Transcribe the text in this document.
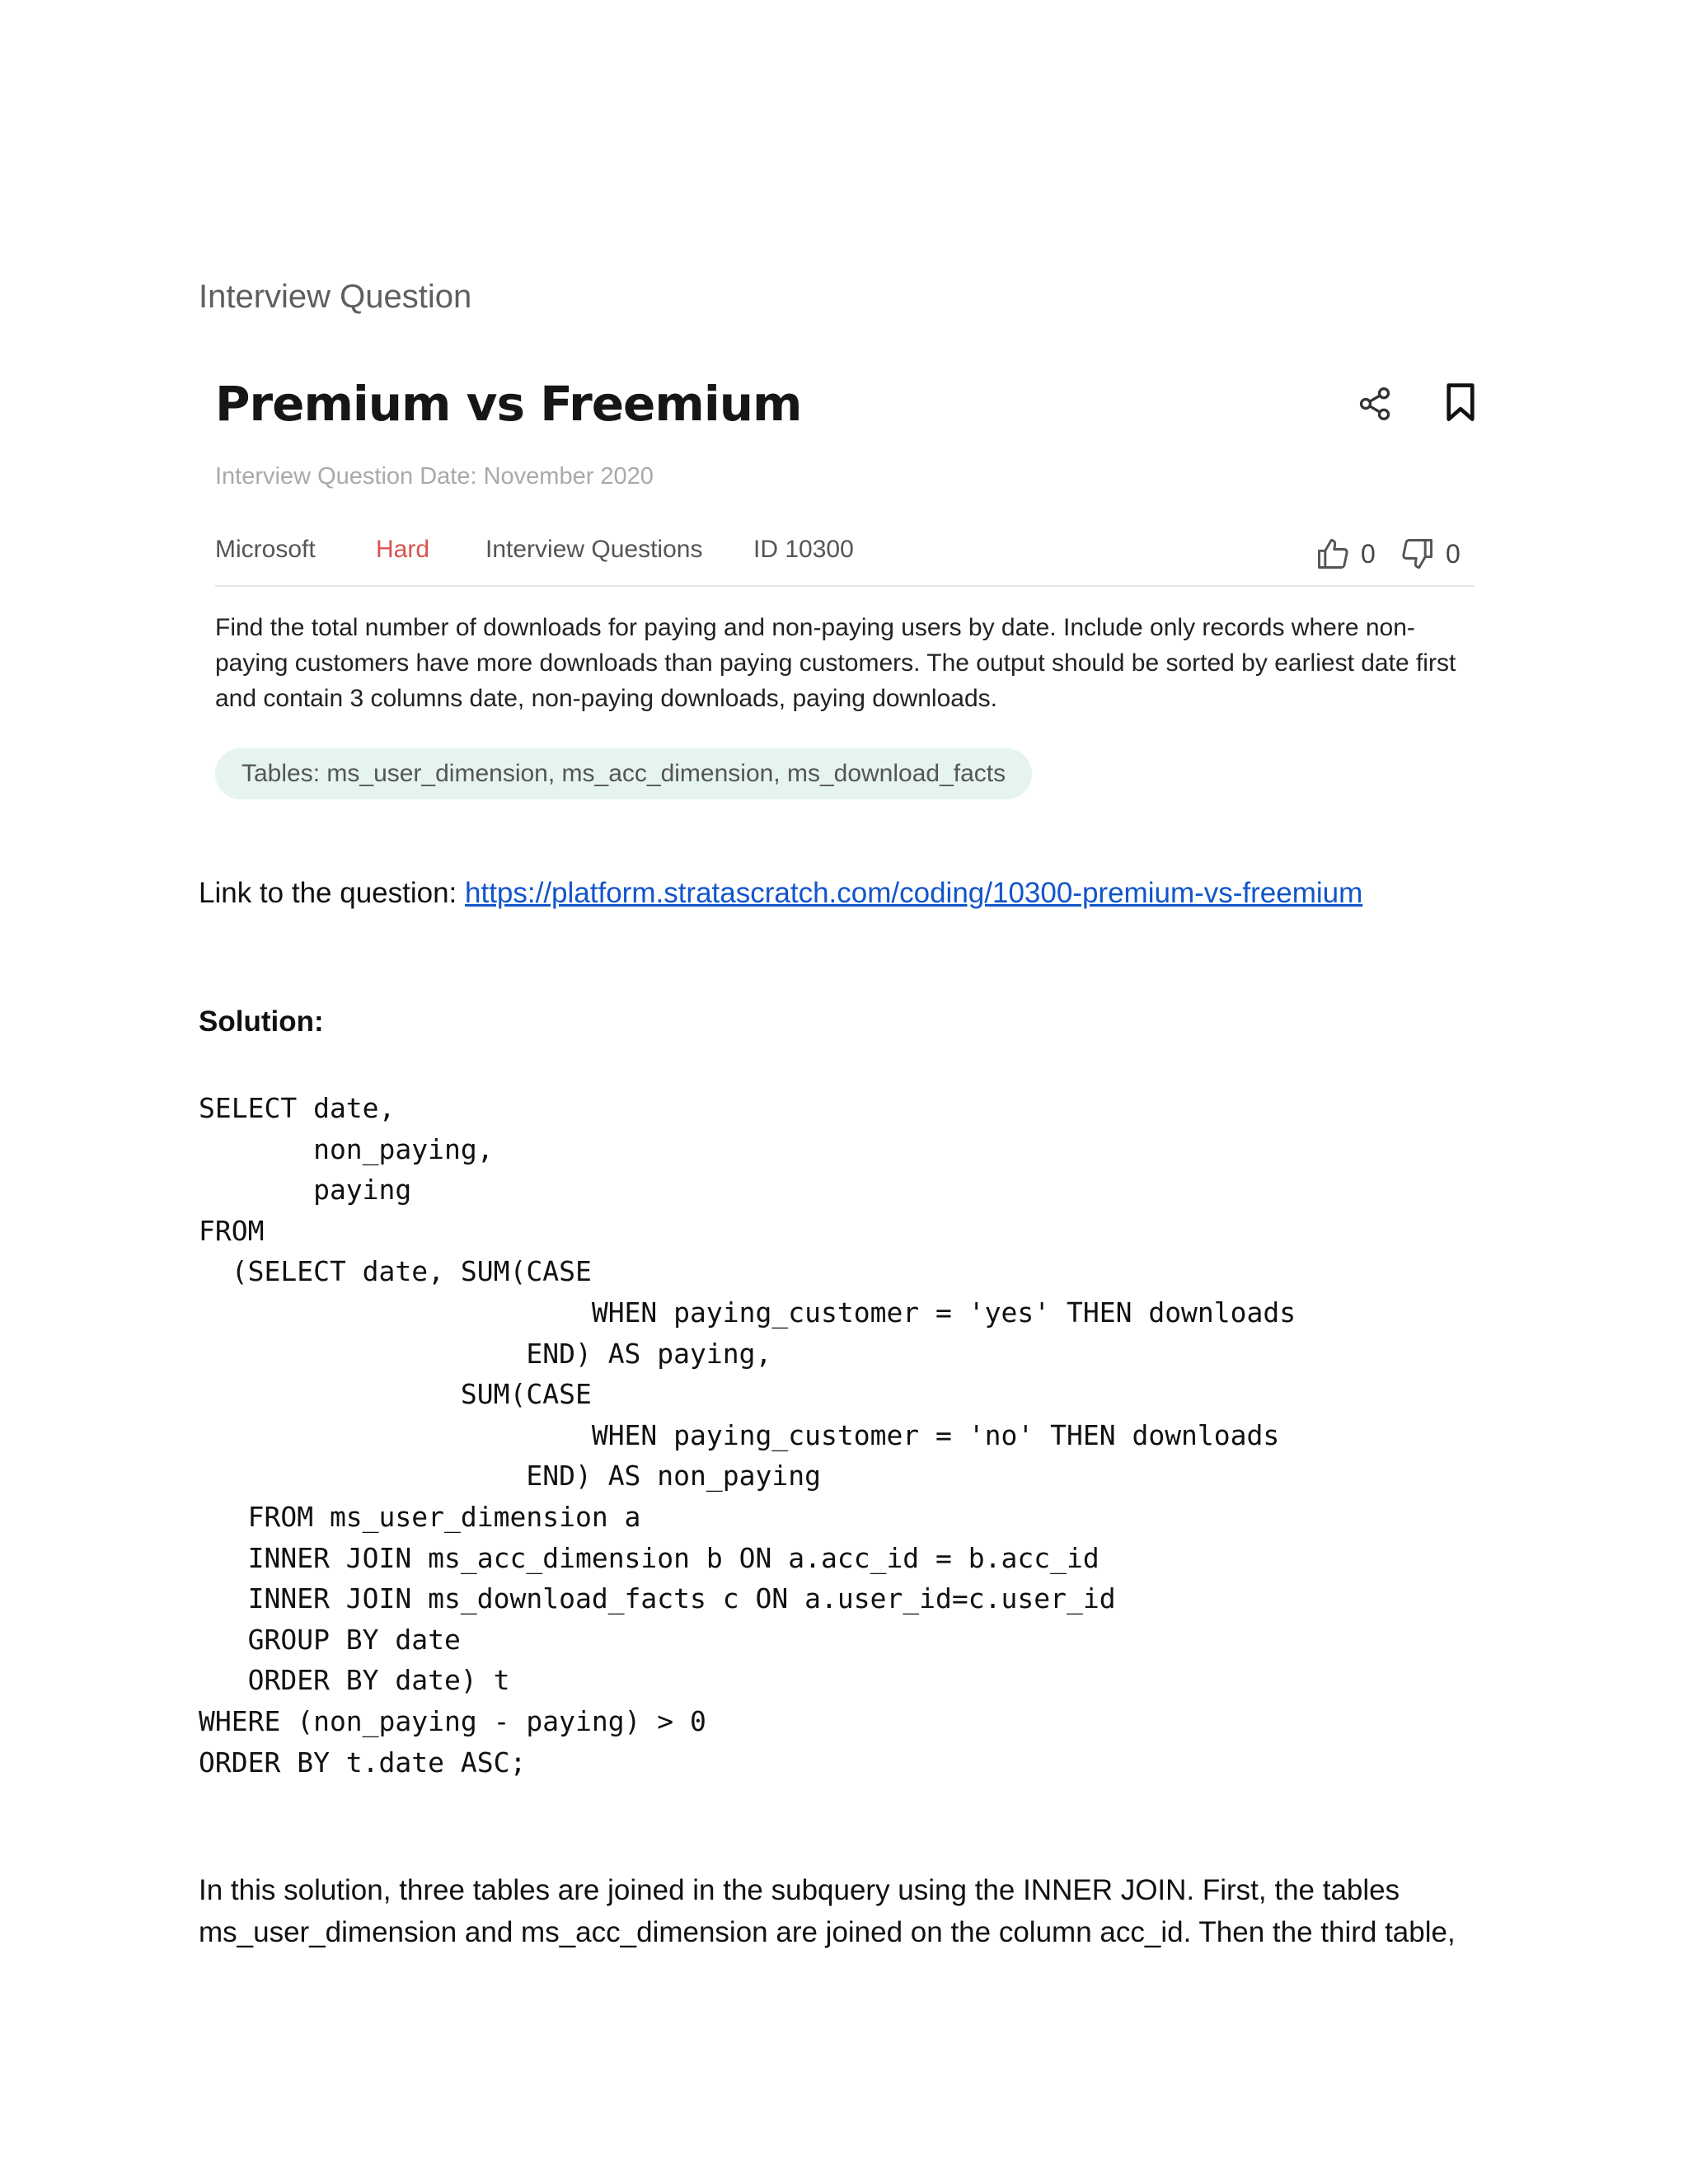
Interview Question
Premium vs Freemium
Interview Question Date: November 2020
Microsoft Hard Interview Questions ID 10300	0	0
Find the total number of downloads for paying and non-paying users by date. Include only records where non-paying customers have more downloads than paying customers. The output should be sorted by earliest date first and contain 3 columns date, non-paying downloads, paying downloads.
Tables: ms_user_dimension, ms_acc_dimension, ms_download_facts
Link to the question: https://platform.stratascratch.com/coding/10300-premium-vs-freemium
Solution:
SELECT date,
non_paying,
paying
FROM
(SELECT date, SUM(CASE
WHEN paying_customer = 'yes' THEN downloads
END) AS paying,
SUM(CASE
WHEN paying_customer = 'no' THEN downloads
END) AS non_paying
FROM ms_user_dimension a
INNER JOIN ms_acc_dimension b ON a.acc_id = b.acc_id
INNER JOIN ms_download_facts c ON a.user_id=c.user_id
GROUP BY date
ORDER BY date) t
WHERE (non_paying - paying) > 0
ORDER BY t.date ASC;
In this solution, three tables are joined in the subquery using the INNER JOIN. First, the tables ms_user_dimension and ms_acc_dimension are joined on the column acc_id. Then the third table,
